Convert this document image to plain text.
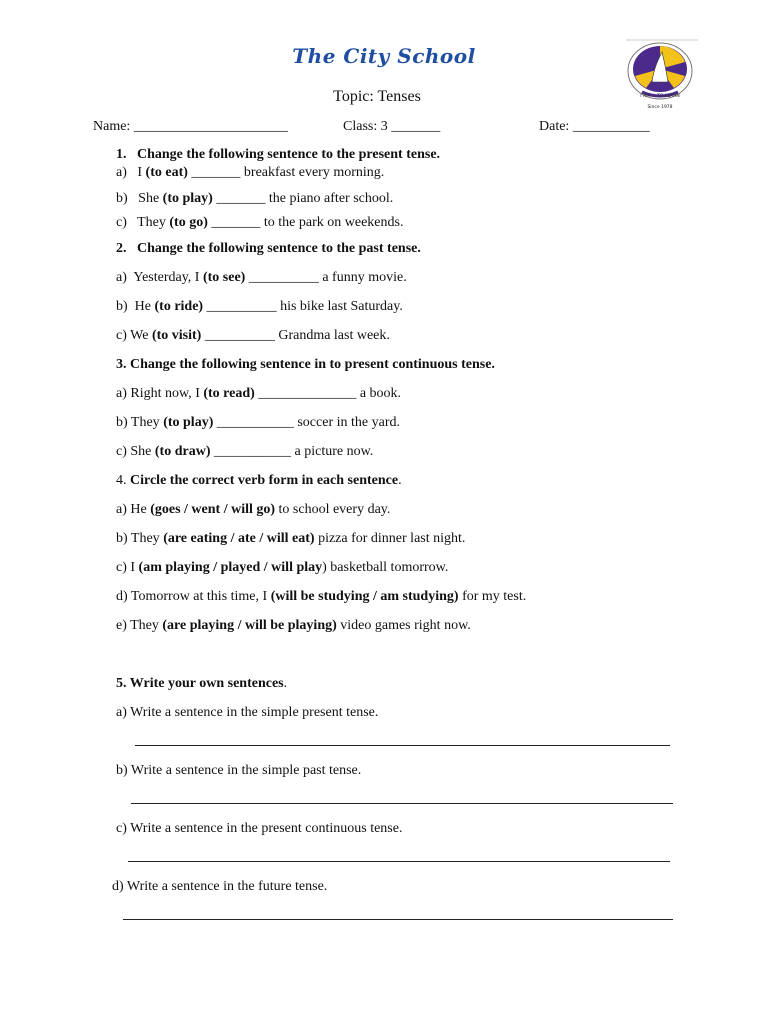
The City School
I AM ... TO LEARN
Since 1978
Topic: Tenses
Name: ______________________	Class: 3 _______	Date: ___________
1. Change the following sentence to the present tense.
a)   I (to eat) _______ breakfast every morning.
b)   She (to play) _______ the piano after school.
c)   They (to go) _______ to the park on weekends.
2. Change the following sentence to the past tense.
a)  Yesterday, I (to see) __________ a funny movie.
b)  He (to ride) __________ his bike last Saturday.
c) We (to visit) __________ Grandma last week.
3. Change the following sentence in to present continuous tense.
a) Right now, I (to read) ______________ a book.
b) They (to play) ___________ soccer in the yard.
c) She (to draw) ___________ a picture now.
4. Circle the correct verb form in each sentence.
a) He (goes / went / will go) to school every day.
b) They (are eating / ate / will eat) pizza for dinner last night.
c) I (am playing / played / will play) basketball tomorrow.
d) Tomorrow at this time, I (will be studying / am studying) for my test.
e) They (are playing / will be playing) video games right now.
5. Write your own sentences.
a) Write a sentence in the simple present tense.
b) Write a sentence in the simple past tense.
c) Write a sentence in the present continuous tense.
d) Write a sentence in the future tense.
